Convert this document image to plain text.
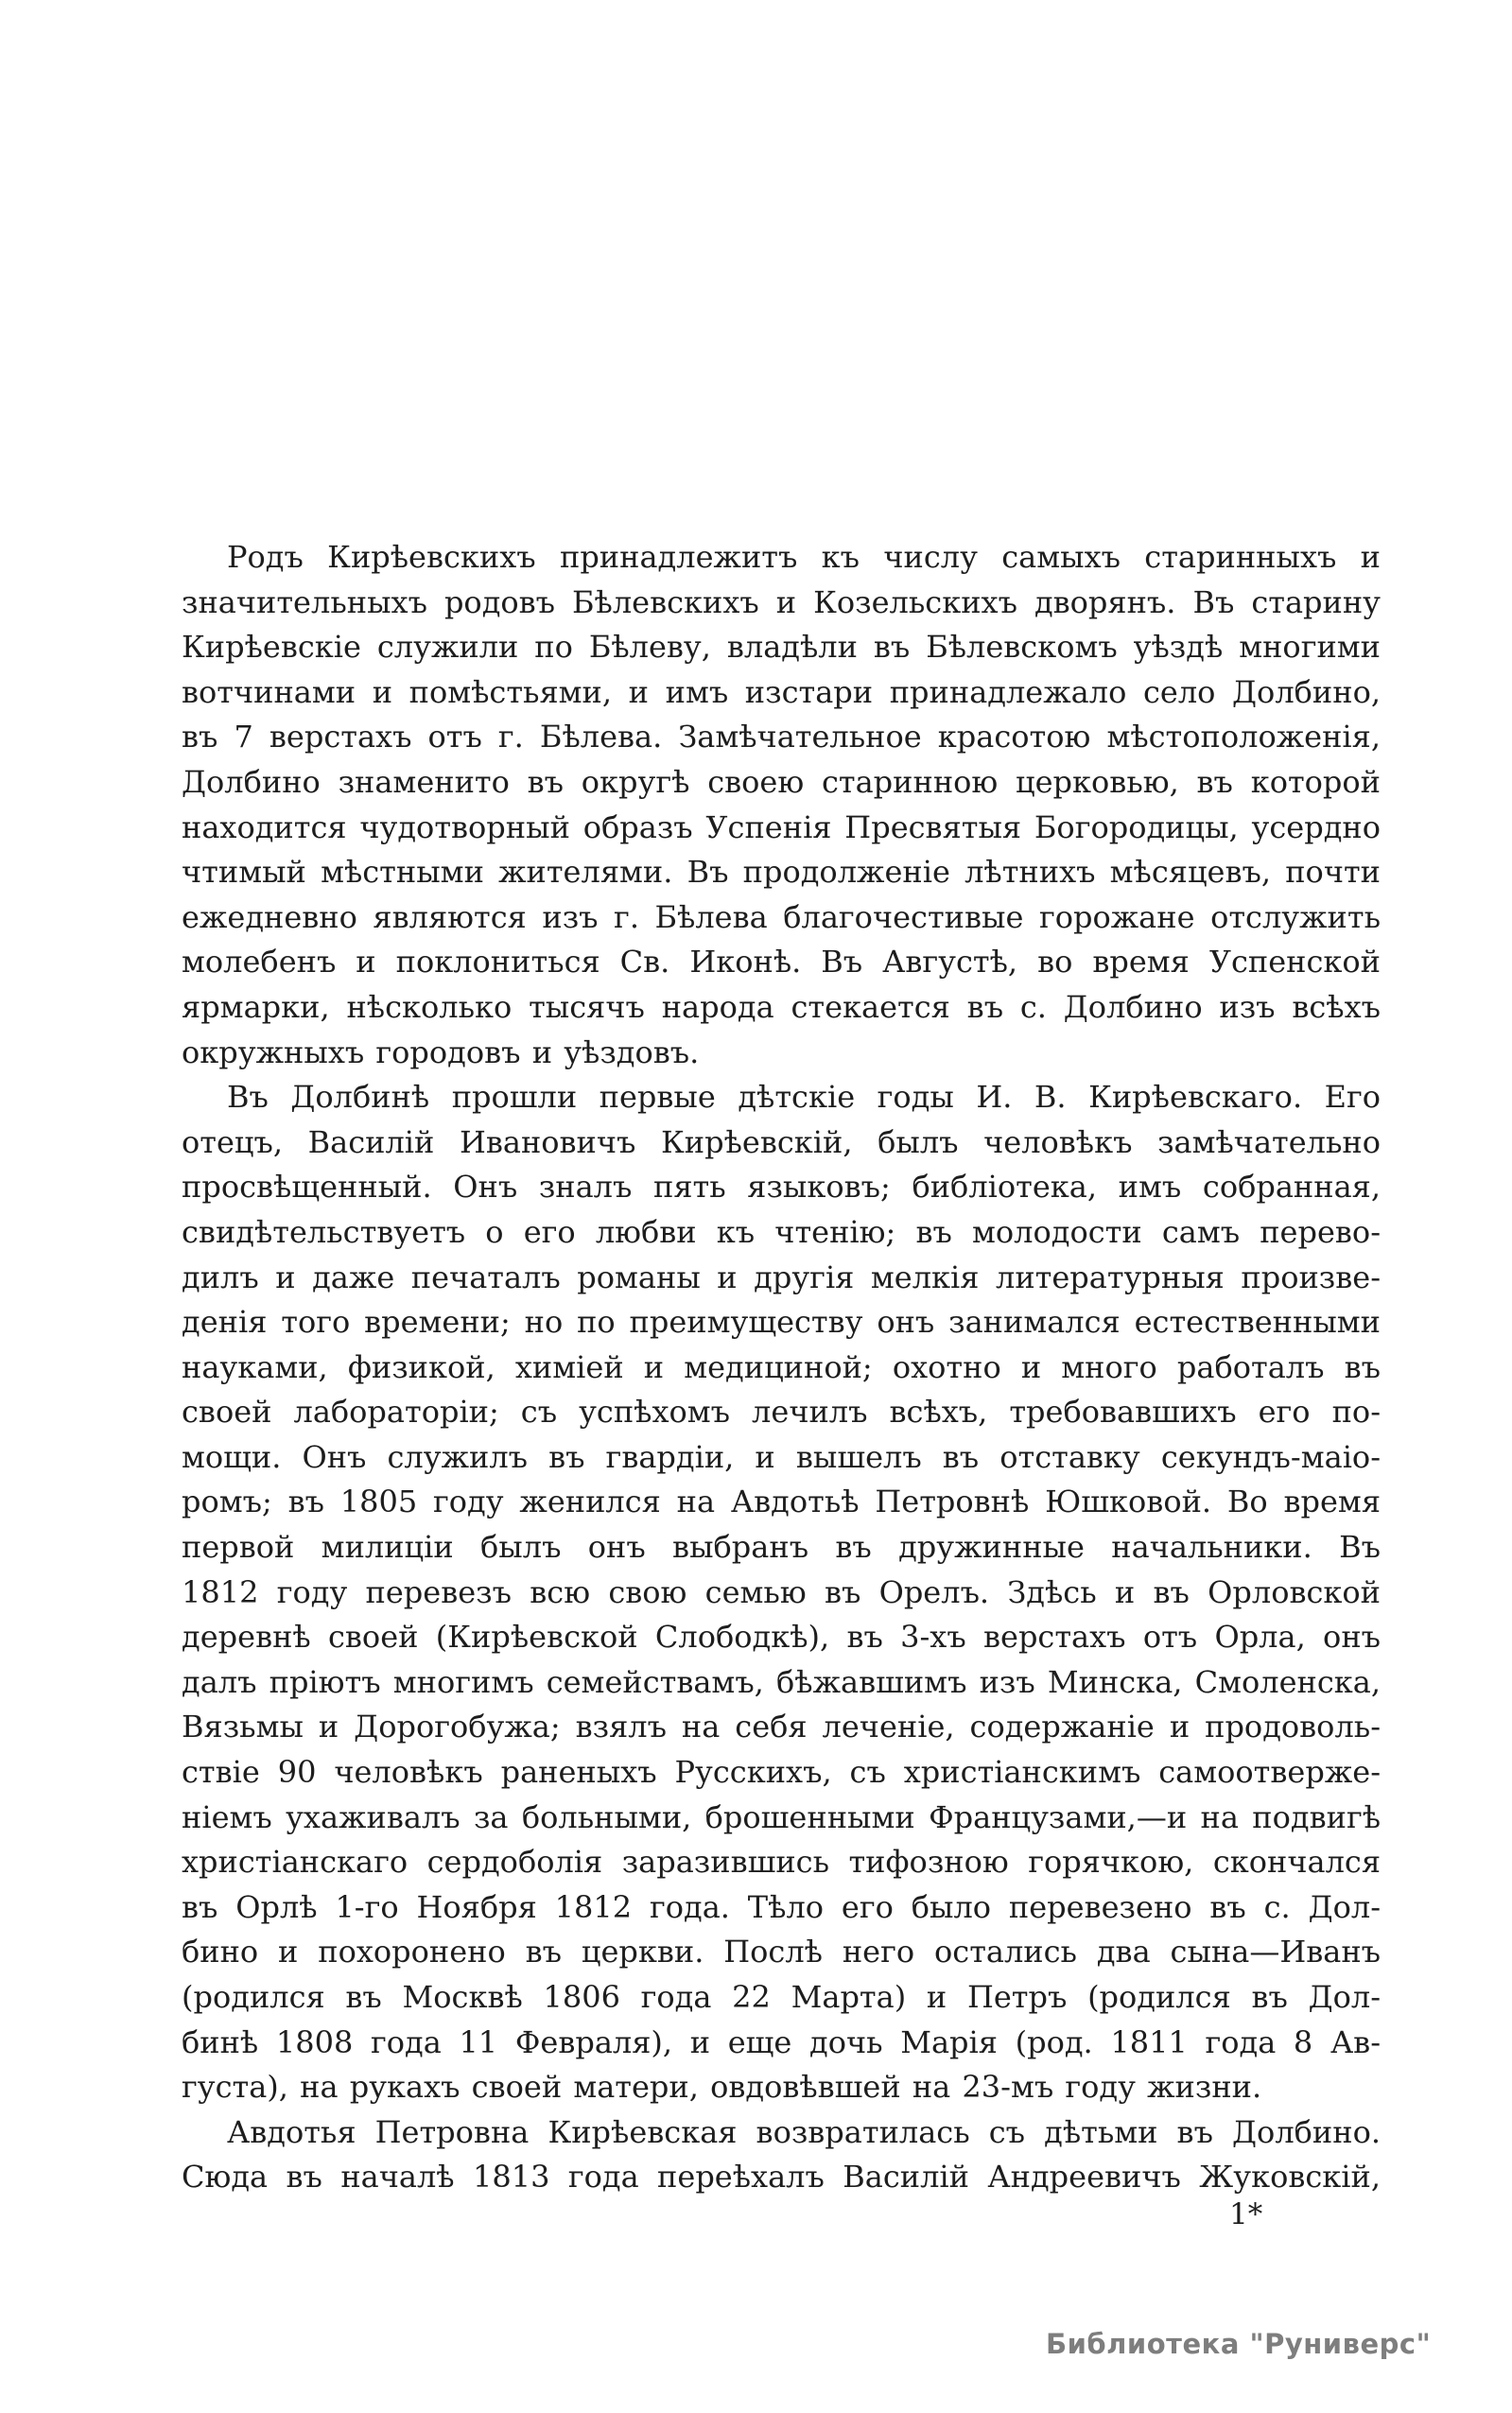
Родъ Кирѣевскихъ принадлежитъ къ числу самыхъ старинныхъ и
значительныхъ родовъ Бѣлевскихъ и Козельскихъ дворянъ. Въ старину
Кирѣевскіе служили по Бѣлеву, владѣли въ Бѣлевскомъ уѣздѣ многими
вотчинами и помѣстьями, и имъ изстари принадлежало село Долбино,
въ 7 верстахъ отъ г. Бѣлева. Замѣчательное красотою мѣстоположенія,
Долбино знаменито въ округѣ своею старинною церковью, въ которой
находится чудотворный образъ Успенія Пресвятыя Богородицы, усердно
чтимый мѣстными жителями. Въ продолженіе лѣтнихъ мѣсяцевъ, почти
ежедневно являются изъ г. Бѣлева благочестивые горожане отслужить
молебенъ и поклониться Св. Иконѣ. Въ Августѣ, во время Успенской
ярмарки, нѣсколько тысячъ народа стекается въ с. Долбино изъ всѣхъ
окружныхъ городовъ и уѣздовъ.
Въ Долбинѣ прошли первые дѣтскіе годы И. В. Кирѣевскаго. Его
отецъ, Василій Ивановичъ Кирѣевскій, былъ человѣкъ замѣчательно
просвѣщенный. Онъ зналъ пять языковъ; библіотека, имъ собранная,
свидѣтельствуетъ о его любви къ чтенію; въ молодости самъ перево-
дилъ и даже печаталъ романы и другія мелкія литературныя произве-
денія того времени; но по преимуществу онъ занимался естественными
науками, физикой, химіей и медициной; охотно и много работалъ въ
своей лабораторіи; съ успѣхомъ лечилъ всѣхъ, требовавшихъ его по-
мощи. Онъ служилъ въ гвардіи, и вышелъ въ отставку секундъ-маіо-
ромъ; въ 1805 году женился на Авдотьѣ Петровнѣ Юшковой. Во время
первой милиціи былъ онъ выбранъ въ дружинные начальники. Въ
1812 году перевезъ всю свою семью въ Орелъ. Здѣсь и въ Орловской
деревнѣ своей (Кирѣевской Слободкѣ), въ 3-хъ верстахъ отъ Орла, онъ
далъ пріютъ многимъ семействамъ, бѣжавшимъ изъ Минска, Смоленска,
Вязьмы и Дорогобужа; взялъ на себя леченіе, содержаніе и продоволь-
ствіе 90 человѣкъ раненыхъ Русскихъ, съ христіанскимъ самоотверже-
ніемъ ухаживалъ за больными, брошенными Французами,—и на подвигѣ
христіанскаго сердоболія заразившись тифозною горячкою, скончался
въ Орлѣ 1-го Ноября 1812 года. Тѣло его было перевезено въ с. Дол-
бино и похоронено въ церкви. Послѣ него остались два сына—Иванъ
(родился въ Москвѣ 1806 года 22 Марта) и Петръ (родился въ Дол-
бинѣ 1808 года 11 Февраля), и еще дочь Марія (род. 1811 года 8 Ав-
густа), на рукахъ своей матери, овдовѣвшей на 23-мъ году жизни.
Авдотья Петровна Кирѣевская возвратилась съ дѣтьми въ Долбино.
Сюда въ началѣ 1813 года переѣхалъ Василій Андреевичъ Жуковскій,
1*
Библиотека "Руниверс"
